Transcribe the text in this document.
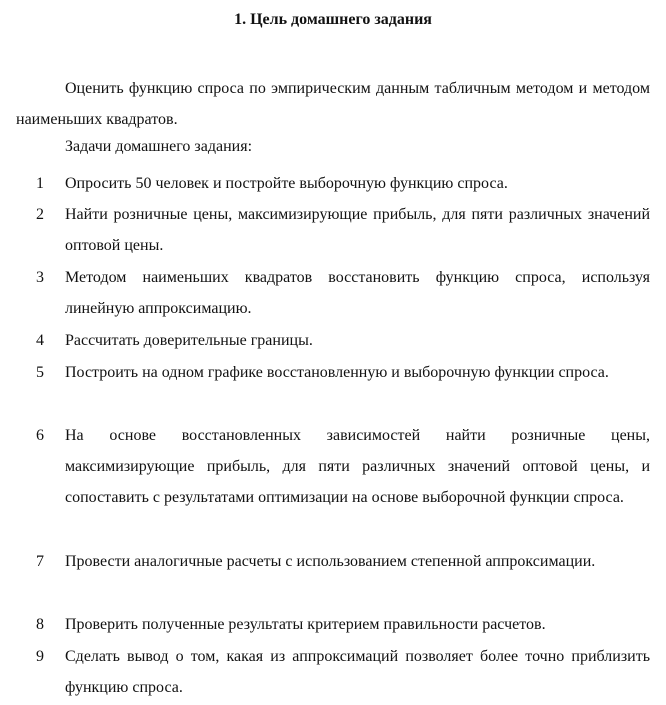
1. Цель домашнего задания

Оценить функцию спроса по эмпирическим данным табличным методом и методом наименьших квадратов.

Задачи домашнего задания:
1	Опросить 50 человек и постройте выборочную функцию спроса.
2	Найти розничные цены, максимизирующие прибыль, для пяти различных значений оптовой цены.
3	Методом наименьших квадратов восстановить функцию спроса, используя линейную аппроксимацию.
4	Рассчитать доверительные границы.
5	Построить на одном графике восстановленную и выборочную функции спроса.
6	На основе восстановленных зависимостей найти розничные цены, максимизирующие прибыль, для пяти различных значений оптовой цены, и сопоставить с результатами оптимизации на основе выборочной функции спроса.
7	Провести аналогичные расчеты с использованием степенной аппроксимации.
8	Проверить полученные результаты критерием правильности расчетов.
9	Сделать вывод о том, какая из аппроксимаций позволяет более точно приблизить функцию спроса.
